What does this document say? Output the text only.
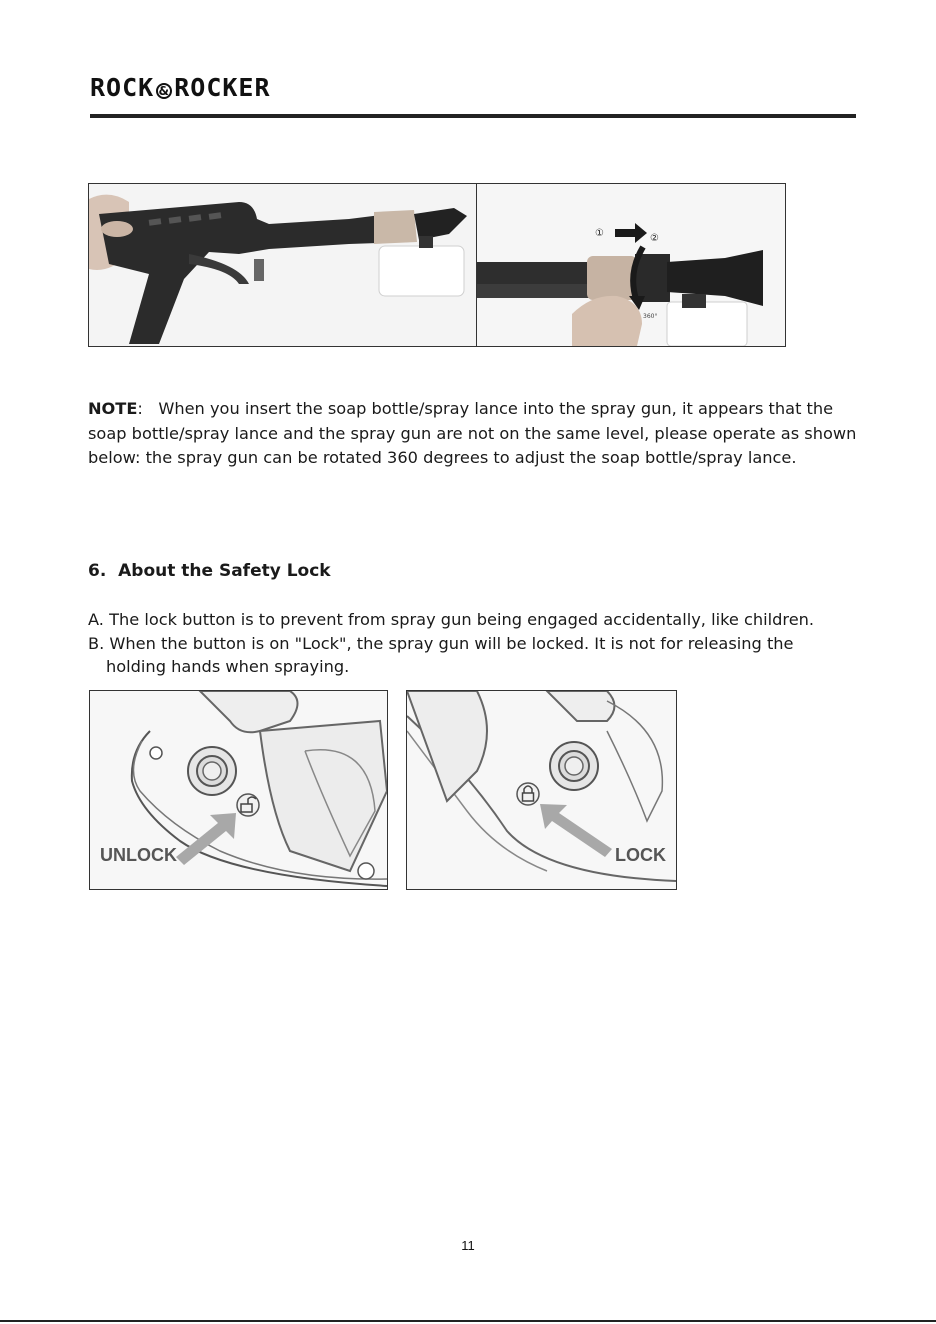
ROCK & ROCKER
①	②
360°
NOTE: When you insert the soap bottle/spray lance into the spray gun, it appears that the soap bottle/spray lance and the spray gun are not on the same level, please operate as shown below: the spray gun can be rotated 360 degrees to adjust the soap bottle/spray lance.
6.  About the Safety Lock
A. The lock button is to prevent from spray gun being engaged accidentally, like children.
B. When the button is on "Lock", the spray gun will be locked. It is not for releasing the
holding hands when spraying.
UNLOCK	LOCK
11
